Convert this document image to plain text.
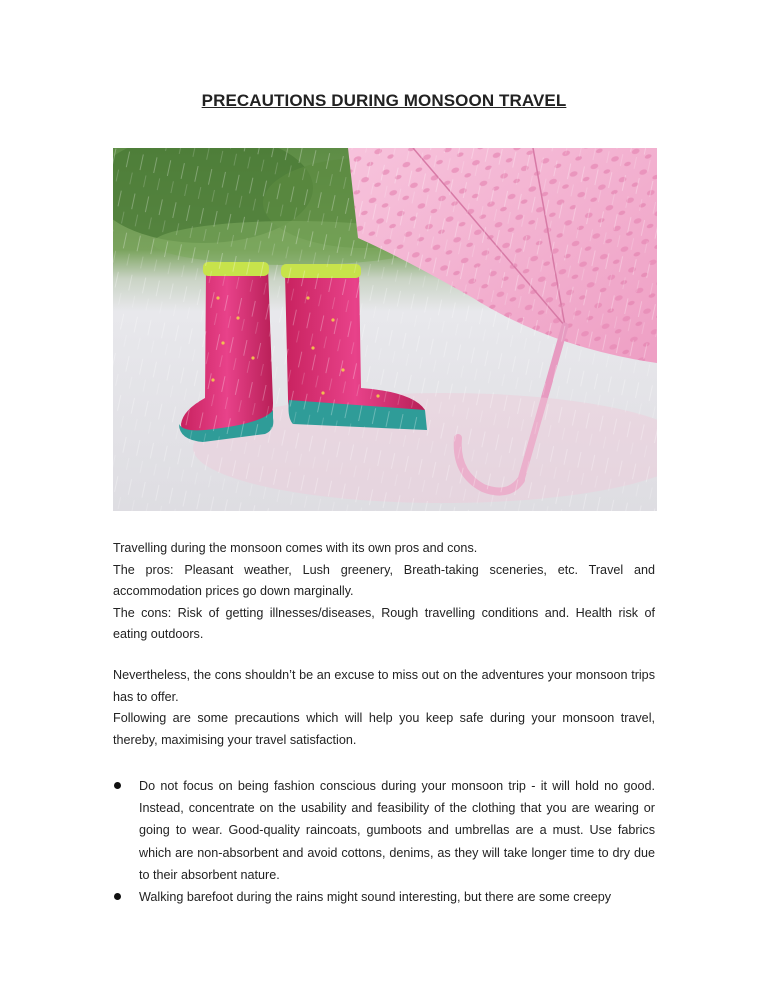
PRECAUTIONS DURING MONSOON TRAVEL

Travelling during the monsoon comes with its own pros and cons.

The pros: Pleasant weather, Lush greenery, Breath-taking sceneries, etc. Travel and accommodation prices go down marginally.

The cons: Risk of getting illnesses/diseases, Rough travelling conditions and. Health risk of eating outdoors.

Nevertheless, the cons shouldn’t be an excuse to miss out on the adventures your monsoon trips has to offer.

Following are some precautions which will help you keep safe during your monsoon travel, thereby, maximising your travel satisfaction.

Do not focus on being fashion conscious during your monsoon trip - it will hold no good. Instead, concentrate on the usability and feasibility of the clothing that you are wearing or going to wear. Good-quality raincoats, gumboots and umbrellas are a must. Use fabrics which are non-absorbent and avoid cottons, denims, as they will take longer time to dry due to their absorbent nature.
Walking barefoot during the rains might sound interesting, but there are some creepy
